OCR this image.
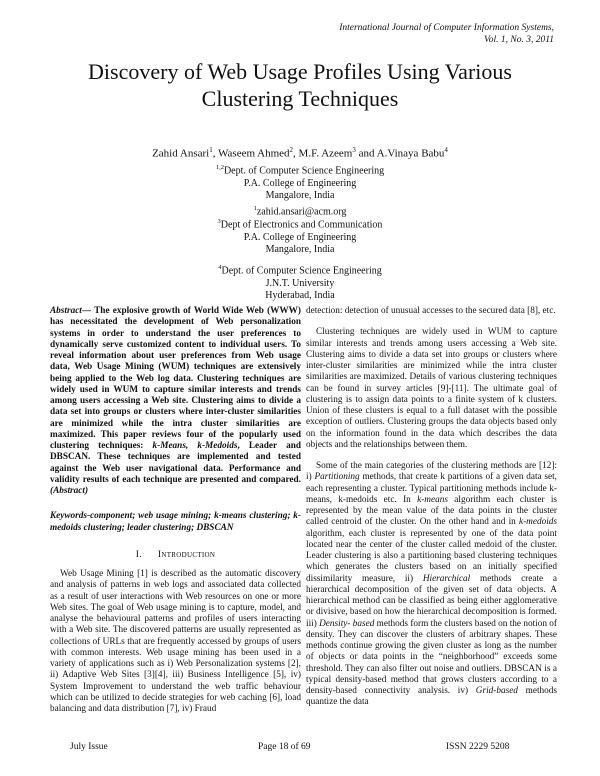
International Journal of Computer Information Systems,
Vol. 1, No. 3, 2011
Discovery of Web Usage Profiles Using Various
Clustering Techniques
Zahid Ansari$^1$, Waseem Ahmed$^2$, M.F. Azeem$^3$ and A.Vinaya Babu$^4$
$^{1,2}$Dept. of Computer Science Engineering
P.A. College of Engineering
Mangalore, India
$^1$zahid.ansari@acm.org
$^3$Dept of Electronics and Communication
P.A. College of Engineering
Mangalore, India
$^4$Dept. of Computer Science Engineering
J.N.T. University
Hyderabad, India

Abstract— The explosive growth of World Wide Web (WWW) has necessitated the development of Web personalization systems in order to understand the user preferences to dynamically serve customized content to individual users. To reveal information about user preferences from Web usage data, Web Usage Mining (WUM) techniques are extensively being applied to the Web log data. Clustering techniques are widely used in WUM to capture similar interests and trends among users accessing a Web site. Clustering aims to divide a data set into groups or clusters where inter-cluster similarities are minimized while the intra cluster similarities are maximized. This paper reviews four of the popularly used clustering techniques: k-Means, k-Medoids, Leader and DBSCAN. These techniques are implemented and tested against the Web user navigational data. Performance and validity results of each technique are presented and compared. (Abstract)

Keywords-component; web usage mining; k-means clustering; k-medoids clustering; leader clustering; DBSCAN

I. Introduction

Web Usage Mining [1] is described as the automatic discovery and analysis of patterns in web logs and associated data collected as a result of user interactions with Web resources on one or more Web sites. The goal of Web usage mining is to capture, model, and analyse the behavioural patterns and profiles of users interacting with a Web site. The discovered patterns are usually represented as collections of URLs that are frequently accessed by groups of users with common interests. Web usage mining has been used in a variety of applications such as i) Web Personalization systems [2], ii) Adaptive Web Sites [3][4], iii) Business Intelligence [5], iv) System Improvement to understand the web traffic behaviour which can be utilized to decide strategies for web caching [6], load balancing and data distribution [7], iv) Fraud

detection: detection of unusual accesses to the secured data [8], etc.

Clustering techniques are widely used in WUM to capture similar interests and trends among users accessing a Web site. Clustering aims to divide a data set into groups or clusters where inter-cluster similarities are minimized while the intra cluster similarities are maximized. Details of various clustering techniques can be found in survey articles [9]-[11]. The ultimate goal of clustering is to assign data points to a finite system of k clusters. Union of these clusters is equal to a full dataset with the possible exception of outliers. Clustering groups the data objects based only on the information found in the data which describes the data objects and the relationships between them.

Some of the main categories of the clustering methods are [12]: i) Partitioning methods, that create k partitions of a given data set, each representing a cluster. Typical partitioning methods include k-means, k-medoids etc. In k-means algorithm each cluster is represented by the mean value of the data points in the cluster called centroid of the cluster. On the other hand and in k-medoids algorithm, each cluster is represented by one of the data point located near the center of the cluster called medoid of the cluster. Leader clustering is also a partitioning based clustering techniques which generates the clusters based on an initially specified dissimilarity measure, ii) Hierarchical methods create a hierarchical decomposition of the given set of data objects. A hierarchical method can be classified as being either agglomerative or divisive, based on how the hierarchical decomposition is formed. iii) Density- based methods form the clusters based on the notion of density. They can discover the clusters of arbitrary shapes. These methods continue growing the given cluster as long as the number of objects or data points in the “neighborhood” exceeds some threshold. They can also filter out noise and outliers. DBSCAN is a typical density-based method that grows clusters according to a density-based connectivity analysis. iv) Grid-based methods quantize the data

July Issue	Page 18 of 69	ISSN 2229 5208
